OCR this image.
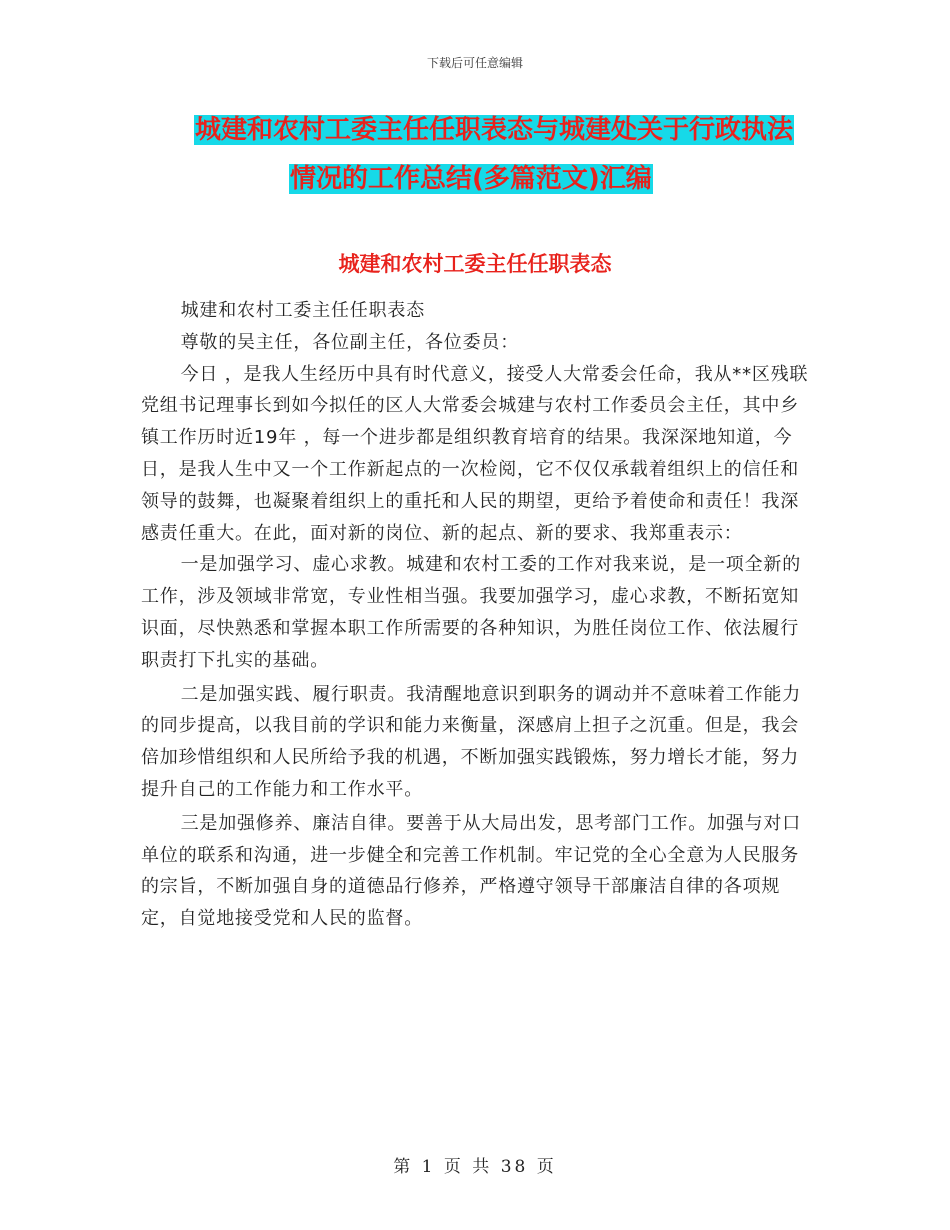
下载后可任意编辑
城建和农村工委主任任职表态与城建处关于行政执法
情况的工作总结(多篇范文)汇编
城建和农村工委主任任职表态

城建和农村工委主任任职表态

尊敬的吴主任，各位副主任，各位委员：

今日 ，是我人生经历中具有时代意义，接受人大常委会任命，我从**区残联党组书记理事长到如今拟任的区人大常委会城建与农村工作委员会主任，其中乡镇工作历时近19年 ，每一个进步都是组织教育培育的结果。我深深地知道，今日，是我人生中又一个工作新起点的一次检阅，它不仅仅承载着组织上的信任和领导的鼓舞，也凝聚着组织上的重托和人民的期望，更给予着使命和责任！我深感责任重大。在此，面对新的岗位、新的起点、新的要求、我郑重表示：

一是加强学习、虚心求教。城建和农村工委的工作对我来说，是一项全新的工作，涉及领域非常宽，专业性相当强。我要加强学习，虚心求教，不断拓宽知识面，尽快熟悉和掌握本职工作所需要的各种知识，为胜任岗位工作、依法履行职责打下扎实的基础。

二是加强实践、履行职责。我清醒地意识到职务的调动并不意味着工作能力的同步提高，以我目前的学识和能力来衡量，深感肩上担子之沉重。但是，我会倍加珍惜组织和人民所给予我的机遇，不断加强实践锻炼，努力增长才能，努力提升自己的工作能力和工作水平。

三是加强修养、廉洁自律。要善于从大局出发，思考部门工作。加强与对口单位的联系和沟通，进一步健全和完善工作机制。牢记党的全心全意为人民服务的宗旨，不断加强自身的道德品行修养，严格遵守领导干部廉洁自律的各项规定，自觉地接受党和人民的监督。

第 1 页 共 38 页
